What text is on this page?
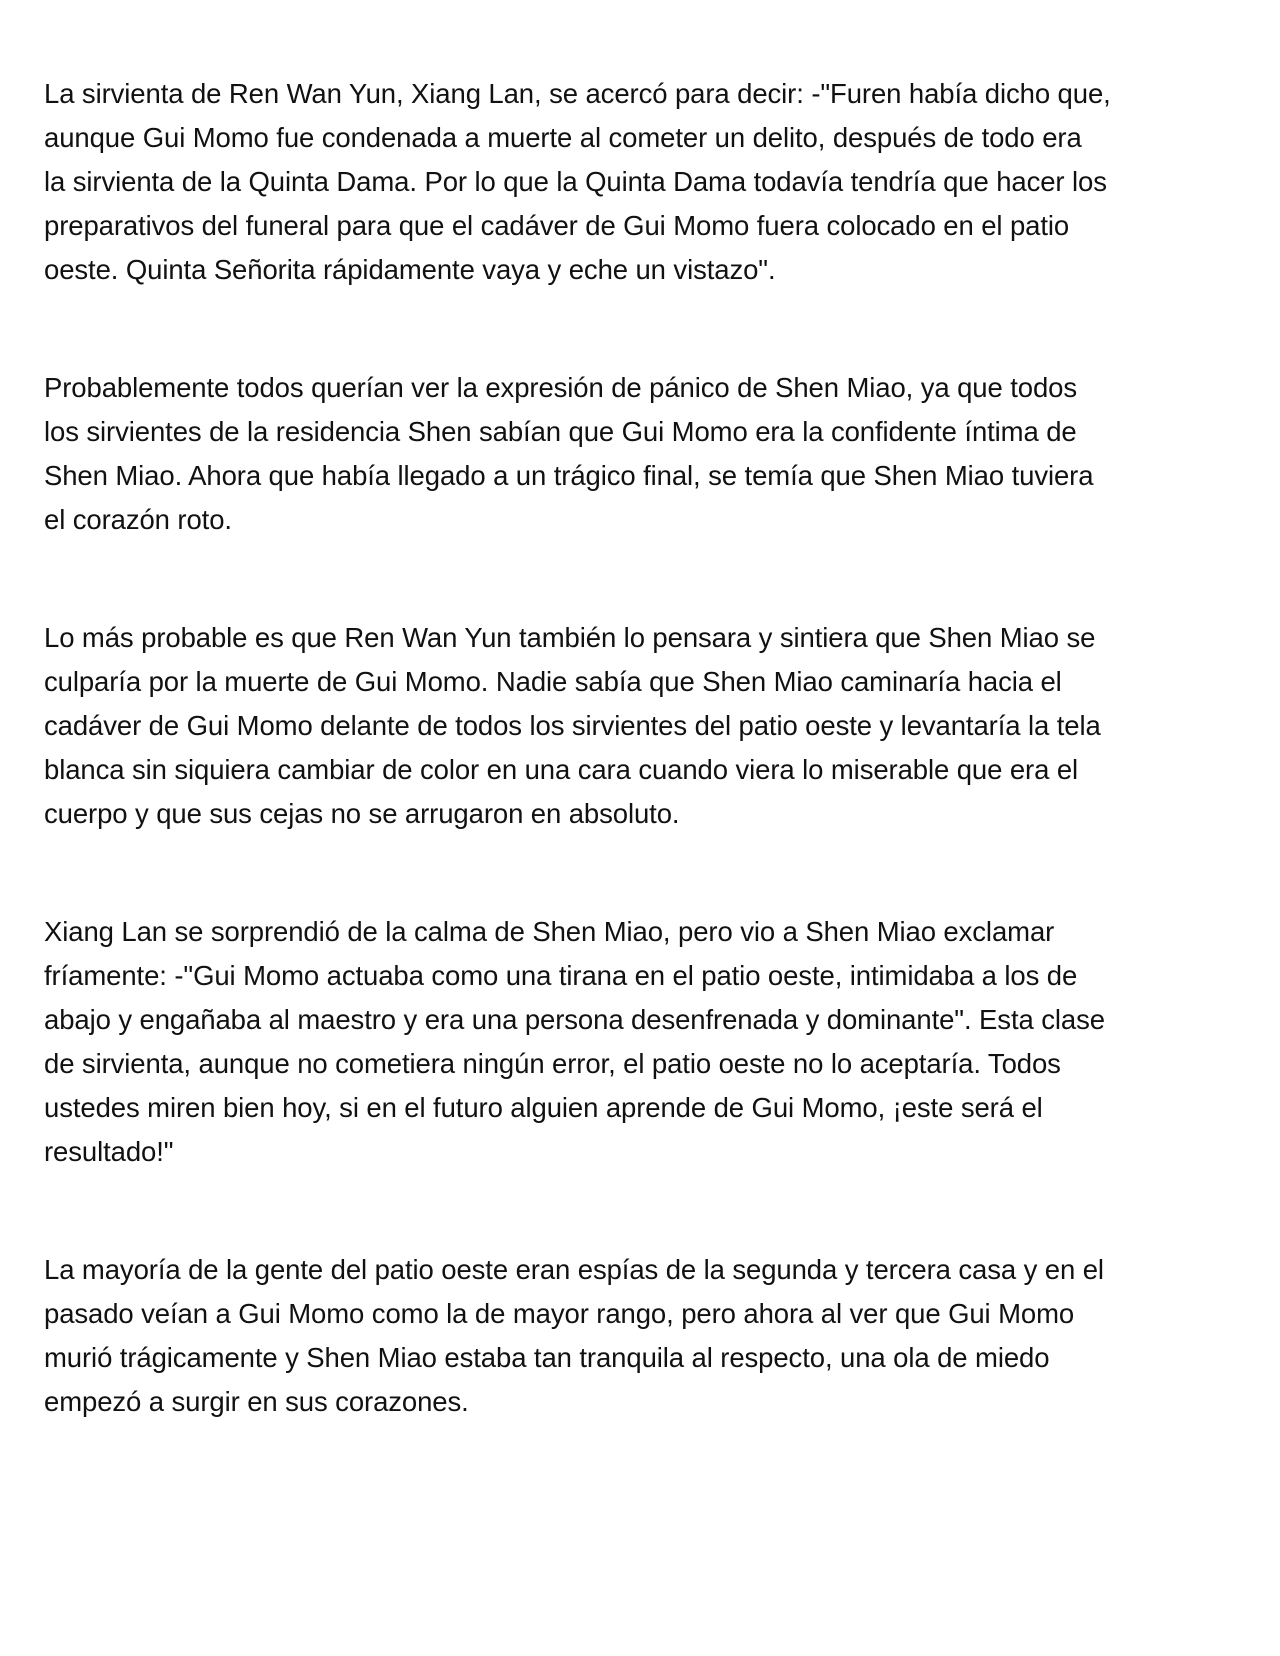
La sirvienta de Ren Wan Yun, Xiang Lan, se acercó para decir: -"Furen había dicho que,
aunque Gui Momo fue condenada a muerte al cometer un delito, después de todo era
la sirvienta de la Quinta Dama. Por lo que la Quinta Dama todavía tendría que hacer los
preparativos del funeral para que el cadáver de Gui Momo fuera colocado en el patio
oeste. Quinta Señorita rápidamente vaya y eche un vistazo".

Probablemente todos querían ver la expresión de pánico de Shen Miao, ya que todos
los sirvientes de la residencia Shen sabían que Gui Momo era la confidente íntima de
Shen Miao. Ahora que había llegado a un trágico final, se temía que Shen Miao tuviera
el corazón roto.

Lo más probable es que Ren Wan Yun también lo pensara y sintiera que Shen Miao se
culparía por la muerte de Gui Momo. Nadie sabía que Shen Miao caminaría hacia el
cadáver de Gui Momo delante de todos los sirvientes del patio oeste y levantaría la tela
blanca sin siquiera cambiar de color en una cara cuando viera lo miserable que era el
cuerpo y que sus cejas no se arrugaron en absoluto.

Xiang Lan se sorprendió de la calma de Shen Miao, pero vio a Shen Miao exclamar
fríamente: -"Gui Momo actuaba como una tirana en el patio oeste, intimidaba a los de
abajo y engañaba al maestro y era una persona desenfrenada y dominante". Esta clase
de sirvienta, aunque no cometiera ningún error, el patio oeste no lo aceptaría. Todos
ustedes miren bien hoy, si en el futuro alguien aprende de Gui Momo, ¡este será el
resultado!"

La mayoría de la gente del patio oeste eran espías de la segunda y tercera casa y en el
pasado veían a Gui Momo como la de mayor rango, pero ahora al ver que Gui Momo
murió trágicamente y Shen Miao estaba tan tranquila al respecto, una ola de miedo
empezó a surgir en sus corazones.
